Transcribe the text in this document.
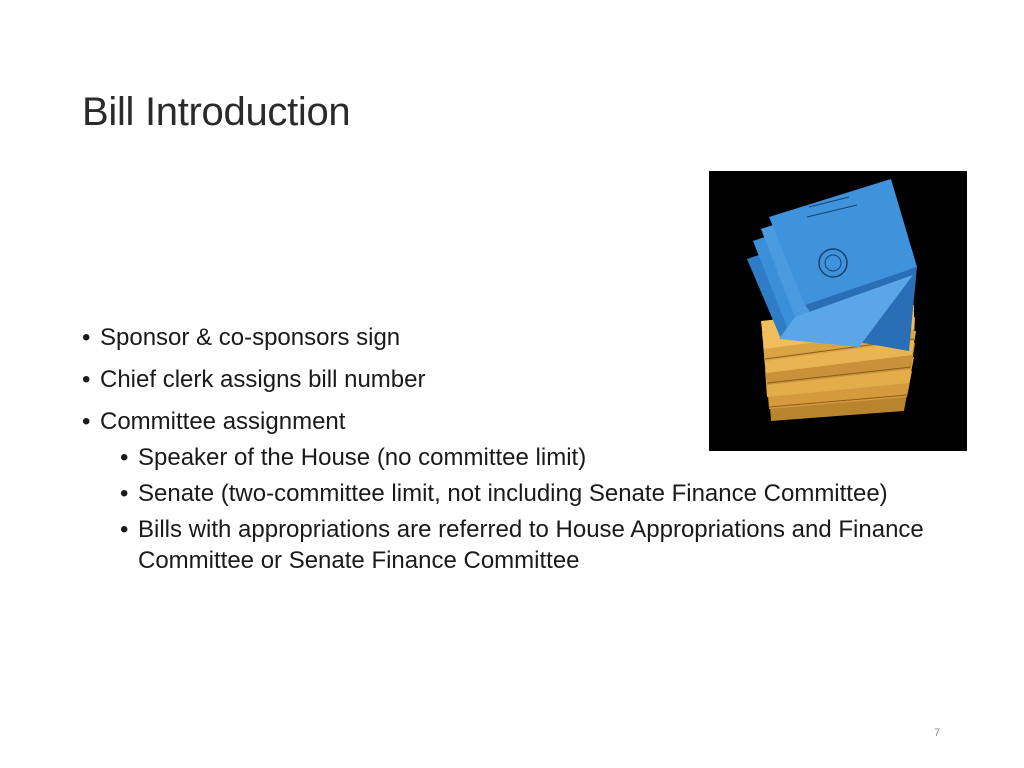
Bill Introduction
• Sponsor & co-sponsors sign
• Chief clerk assigns bill number
• Committee assignment
• Speaker of the House (no committee limit)
• Senate (two-committee limit, not including Senate Finance Committee)
• Bills with appropriations are referred to House Appropriations and Finance Committee or Senate Finance Committee
7
